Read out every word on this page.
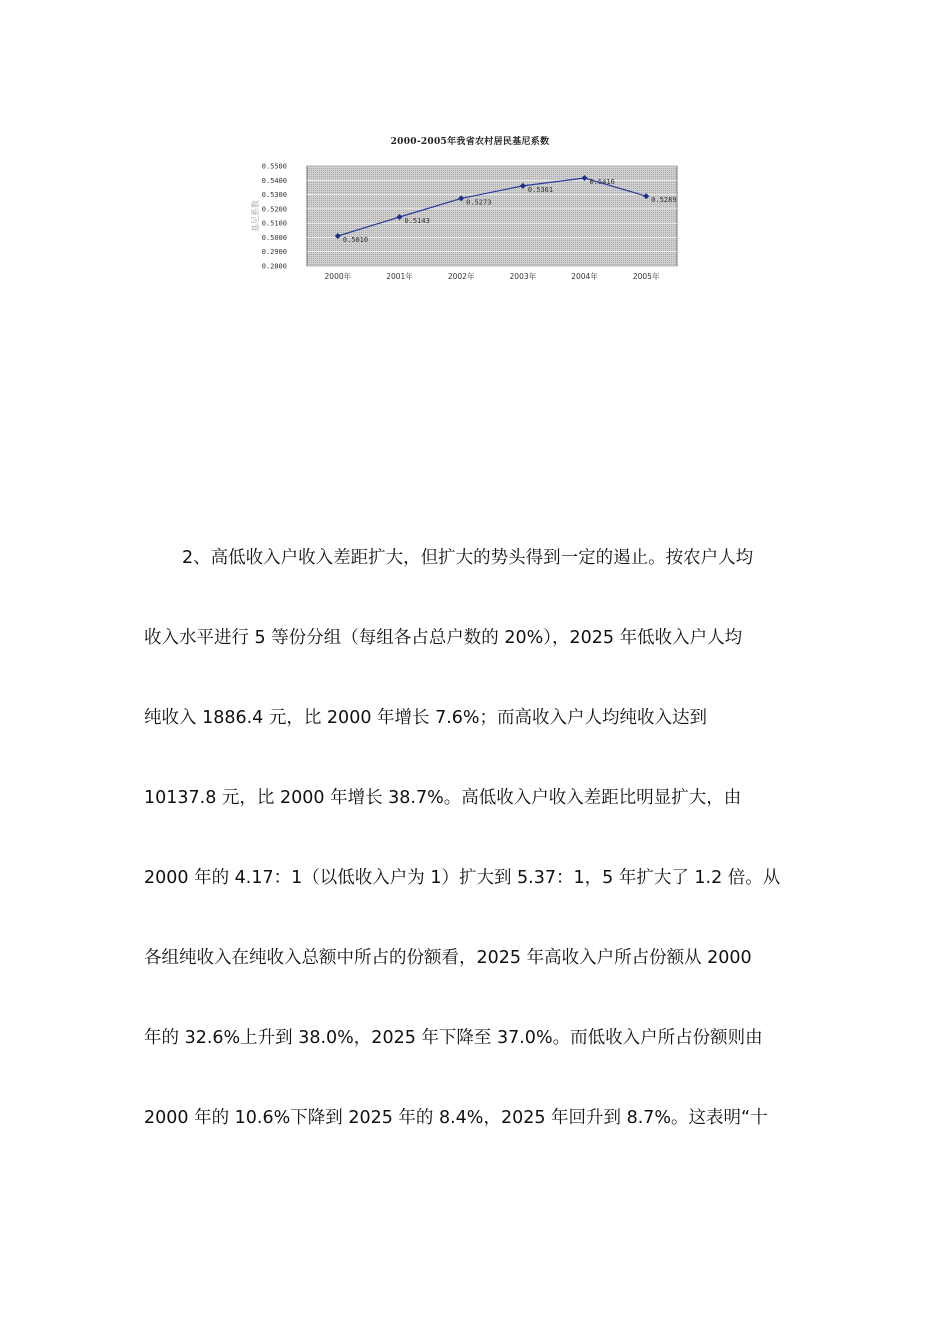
0.5500
0.5400
0.5300
0.5200
0.5100
0.5000
0.2900
0.2800
2000年	2001年	2002年	2003年	2004年	2005年
0.5010
0.5143
0.5273
0.5361
0.5416
0.5289
基尼系数
2000-2005年我省农村居民基尼系数
2、高低收入户收入差距扩大，但扩大的势头得到一定的遏止。按农户人均
收入水平进行 5 等份分组（每组各占总户数的 20%），2025 年低收入户人均
纯收入 1886.4 元，比 2000 年增长 7.6%；而高收入户人均纯收入达到
10137.8 元，比 2000 年增长 38.7%。高低收入户收入差距比明显扩大，由
2000 年的 4.17：1（以低收入户为 1）扩大到 5.37：1，5 年扩大了 1.2 倍。从
各组纯收入在纯收入总额中所占的份额看，2025 年高收入户所占份额从 2000
年的 32.6%上升到 38.0%，2025 年下降至 37.0%。而低收入户所占份额则由
2000 年的 10.6%下降到 2025 年的 8.4%，2025 年回升到 8.7%。这表明“十
